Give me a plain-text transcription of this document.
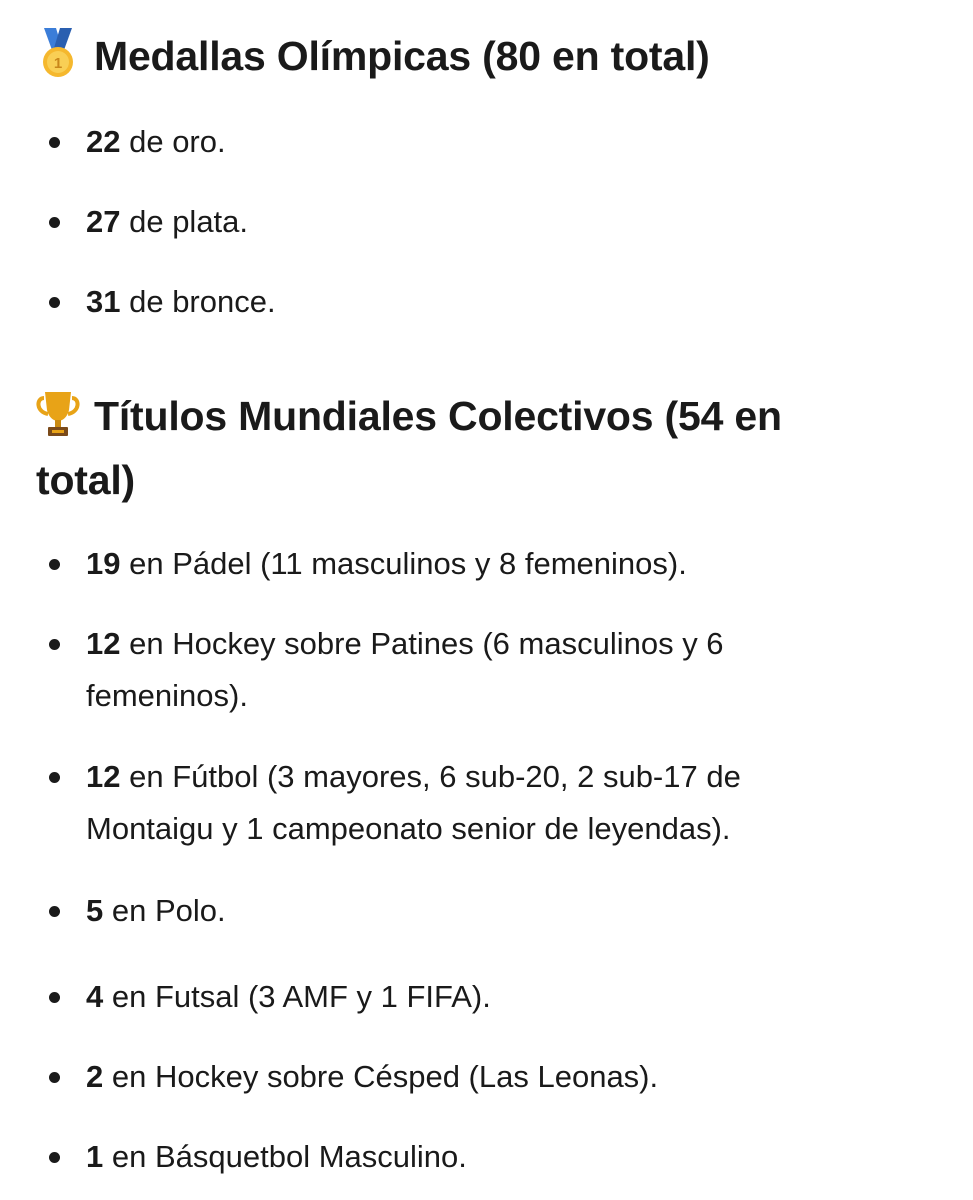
1 Medallas Olímpicas (80 en total)
22 de oro.
27 de plata.
31 de bronce.
Títulos Mundiales Colectivos (54 en total)
19 en Pádel (11 masculinos y 8 femeninos).
12 en Hockey sobre Patines (6 masculinos y 6 femeninos).
12 en Fútbol (3 mayores, 6 sub-20, 2 sub-17 de Montaigu y 1 campeonato senior de leyendas).
5 en Polo.
4 en Futsal (3 AMF y 1 FIFA).
2 en Hockey sobre Césped (Las Leonas).
1 en Básquetbol Masculino.
